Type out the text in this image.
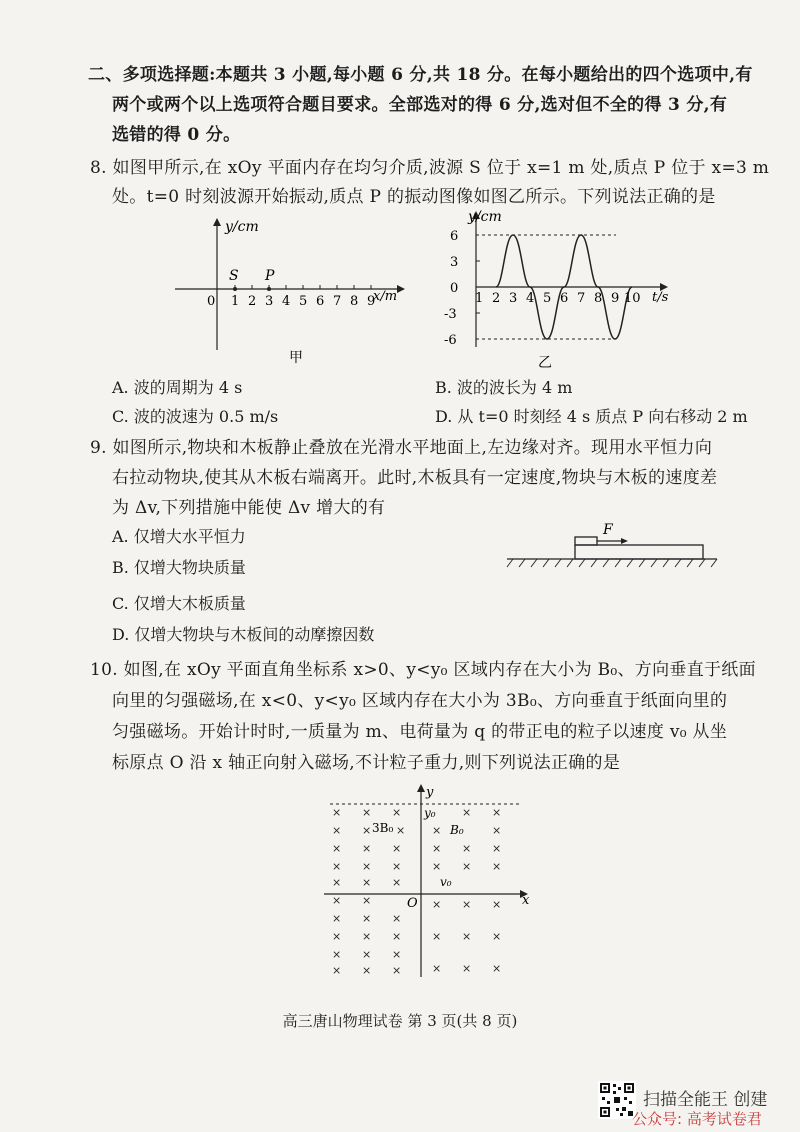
二、多项选择题:本题共 3 小题,每小题 6 分,共 18 分。在每小题给出的四个选项中,有
两个或两个以上选项符合题目要求。全部选对的得 6 分,选对但不全的得 3 分,有
选错的得 0 分。
8. 如图甲所示,在 xOy 平面内存在均匀介质,波源 S 位于 x=1 m 处,质点 P 位于 x=3 m
处。t=0 时刻波源开始振动,质点 P 的振动图像如图乙所示。下列说法正确的是
y/cm
x/m
S P
0 1 2 3 4 5 6 7 8 9
甲
y/cm
t/s
6
3
0
-3
-6
1 2 3 4 5 6 7 8 9 10
乙
A. 波的周期为 4 s	B. 波的波长为 4 m
C. 波的波速为 0.5 m/s	D. 从 t=0 时刻经 4 s 质点 P 向右移动 2 m
9. 如图所示,物块和木板静止叠放在光滑水平地面上,左边缘对齐。现用水平恒力向
右拉动物块,使其从木板右端离开。此时,木板具有一定速度,物块与木板的速度差
为 Δv,下列措施中能使 Δv 增大的有
A. 仅增大水平恒力
B. 仅增大物块质量
C. 仅增大木板质量
D. 仅增大物块与木板间的动摩擦因数
F
10. 如图,在 xOy 平面直角坐标系 x>0、y<y₀ 区域内存在大小为 B₀、方向垂直于纸面
向里的匀强磁场,在 x<0、y<y₀ 区域内存在大小为 3B₀、方向垂直于纸面向里的
匀强磁场。开始计时时,一质量为 m、电荷量为 q 的带正电的粒子以速度 v₀ 从坐
标原点 O 沿 x 轴正向射入磁场,不计粒子重力,则下列说法正确的是
y
x
O
y₀
3B₀	B₀
v₀
× × ×	× ×
× × × ×	×
× × ×	× × ×
× × ×	× × ×
× × ×
× ×	× × ×
× × ×
× × ×	× × ×
× × ×
× × ×	× × ×
高三唐山物理试卷 第 3 页(共 8 页)
扫描全能王 创建
公众号: 高考试卷君
